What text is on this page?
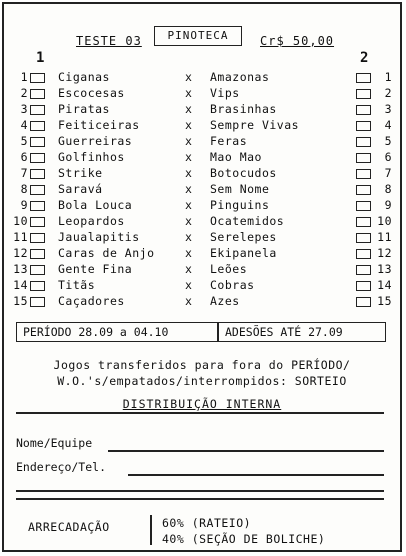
TESTE 03	PINOTECA	Cr$ 50,00
1	2
1	Ciganas	x Amazonas	1
2	Escocesas	x Vips	2
3	Piratas	x Brasinhas	3
4	Feiticeiras	x Sempre Vivas	4
5	Guerreiras	x Feras	5
6	Golfinhos	x Mao Mao	6
7	Strike	x Botocudos	7
8	Saravá	x Sem Nome	8
9	Bola Louca	x Pinguins	9
10	Leopardos	x Ocatemidos	10
11	Jaualapitis	x Serelepes	11
12	Caras de Anjo	x Ekipanela	12
13	Gente Fina	x Leões	13
14	Titãs	x Cobras	14
15	Caçadores	x Azes	15
PERÍODO 28.09 a 04.10	ADESÕES ATÉ 27.09
Jogos transferidos para fora do PERÍODO/
W.O.'s/empatados/interrompidos: SORTEIO
DISTRIBUIÇÃO INTERNA
Nome/Equipe
Endereço/Tel.
ARRECADAÇÃO	60% (RATEIO)
40% (SEÇÃO DE BOLICHE)
